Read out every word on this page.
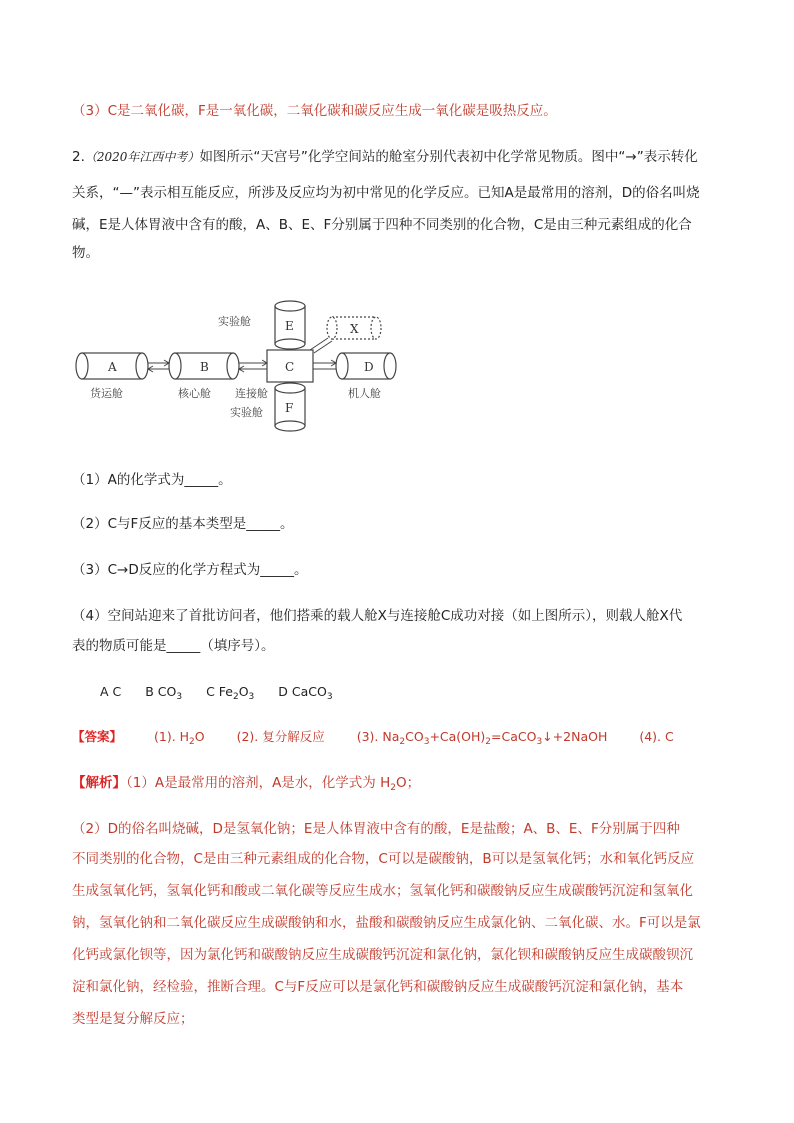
（3）C是二氧化碳，F是一氧化碳，二氧化碳和碳反应生成一氧化碳是吸热反应。
2.（2020年江西中考）如图所示“天宫号”化学空间站的舱室分别代表初中化学常见物质。图中“→”表示转化
关系，“—”表示相互能反应，所涉及反应均为初中常见的化学反应。已知A是最常用的溶剂，D的俗名叫烧
碱，E是人体胃液中含有的酸，A、B、E、F分别属于四种不同类别的化合物，C是由三种元素组成的化合
物。
A	B	C	D
E
F
X
货运舱	核心舱 连接舱	机人舱
实验舱
实验舱
（1）A的化学式为_____。
（2）C与F反应的基本类型是_____。
（3）C→D反应的化学方程式为_____。
（4）空间站迎来了首批访问者，他们搭乘的载人舱X与连接舱C成功对接（如上图所示），则载人舱X代
表的物质可能是_____（填序号）。
A C B $CO_3$ C $Fe_2O_3$ D CaCO$_3$
【答案】	(1). $H_2O$	(2). 复分解反应	(3). $Na_2CO_3+Ca(OH)_2=CaCO_3↓+2NaOH$	(4). C
【解析】（1）A是最常用的溶剂，A是水，化学式为 $H_2O$；
（2）D的俗名叫烧碱，D是氢氧化钠；E是人体胃液中含有的酸，E是盐酸；A、B、E、F分别属于四种
不同类别的化合物，C是由三种元素组成的化合物，C可以是碳酸钠，B可以是氢氧化钙；水和氧化钙反应
生成氢氧化钙，氢氧化钙和酸或二氧化碳等反应生成水；氢氧化钙和碳酸钠反应生成碳酸钙沉淀和氢氧化
钠，氢氧化钠和二氧化碳反应生成碳酸钠和水，盐酸和碳酸钠反应生成氯化钠、二氧化碳、水。F可以是氯
化钙或氯化钡等，因为氯化钙和碳酸钠反应生成碳酸钙沉淀和氯化钠，氯化钡和碳酸钠反应生成碳酸钡沉
淀和氯化钠，经检验，推断合理。C与F反应可以是氯化钙和碳酸钠反应生成碳酸钙沉淀和氯化钠，基本
类型是复分解反应；
